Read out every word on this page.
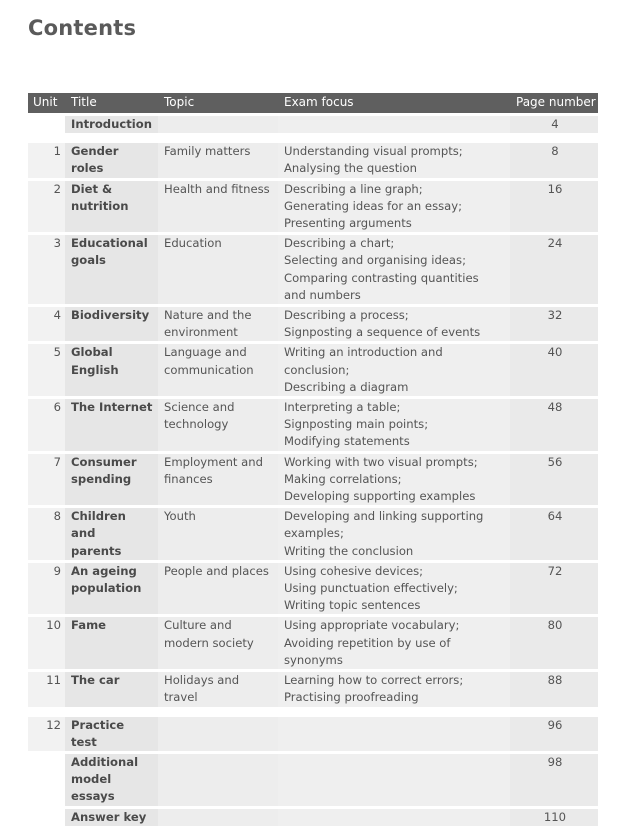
Contents
Unit	Title	Topic	Exam focus	Page number
	Introduction			4

1	Gender roles	Family matters	Understanding visual prompts;
Analysing the question	8
2	Diet &
nutrition	Health and fitness	Describing a line graph;
Generating ideas for an essay;
Presenting arguments	16
3	Educational
goals	Education	Describing a chart;
Selecting and organising ideas;
Comparing contrasting quantities
and numbers	24
4	Biodiversity	Nature and the
environment	Describing a process;
Signposting a sequence of events	32
5	Global
English	Language and
communication	Writing an introduction and
conclusion;
Describing a diagram	40
6	The Internet	Science and
technology	Interpreting a table;
Signposting main points;
Modifying statements	48
7	Consumer
spending	Employment and
finances	Working with two visual prompts;
Making correlations;
Developing supporting examples	56
8	Children and
parents	Youth	Developing and linking supporting
examples;
Writing the conclusion	64
9	An ageing
population	People and places	Using cohesive devices;
Using punctuation effectively;
Writing topic sentences	72
10	Fame	Culture and
modern society	Using appropriate vocabulary;
Avoiding repetition by use of
synonyms	80
11	The car	Holidays and
travel	Learning how to correct errors;
Practising proofreading	88

12	Practice test			96
	Additional model essays			98
	Answer key			110
